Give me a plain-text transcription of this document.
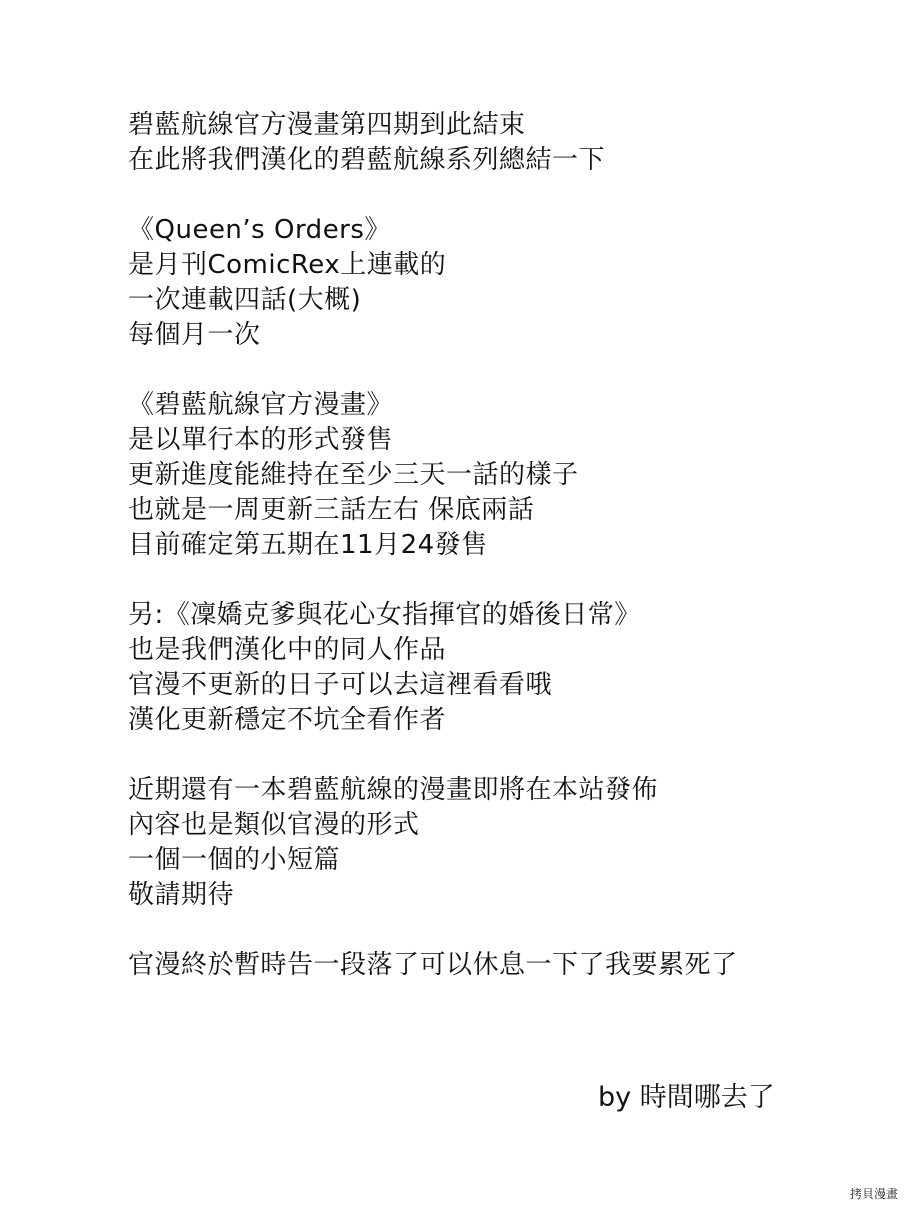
碧藍航線官方漫畫第四期到此結束
在此將我們漢化的碧藍航線系列總結一下
《Queen’s Orders》
是月刊ComicRex上連載的
一次連載四話(大概)
每個月一次
《碧藍航線官方漫畫》
是以單行本的形式發售
更新進度能維持在至少三天一話的樣子
也就是一周更新三話左右 保底兩話
目前確定第五期在11月24發售
另:《凜嬌克爹與花心女指揮官的婚後日常》
也是我們漢化中的同人作品
官漫不更新的日子可以去這裡看看哦
漢化更新穩定不坑全看作者
近期還有一本碧藍航線的漫畫即將在本站發佈
內容也是類似官漫的形式
一個一個的小短篇
敬請期待
官漫終於暫時告一段落了可以休息一下了我要累死了
by 時間哪去了
拷貝漫畫
